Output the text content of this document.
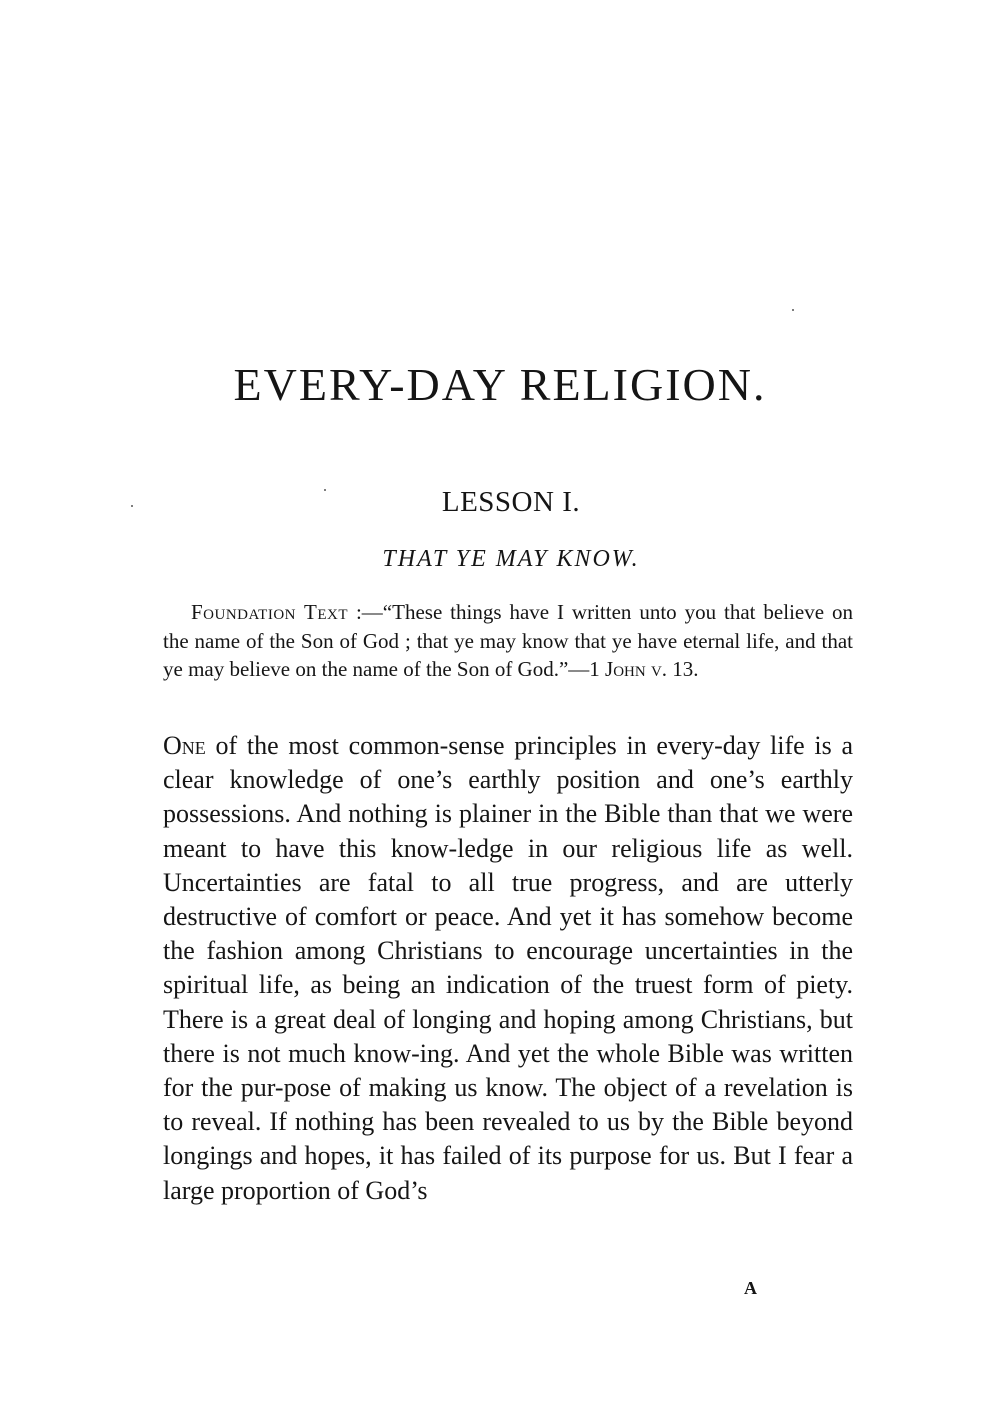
EVERY-DAY RELIGION.
LESSON I.
THAT YE MAY KNOW.

Foundation Text :—“These things have I written unto you that believe on the name of the Son of God ; that ye may know that ye have eternal life, and that ye may believe on the name of the Son of God.”—1 John v. 13.

One of the most common-sense principles in every-day life is a clear knowledge of one’s earthly position and one’s earthly possessions. And nothing is plainer in the Bible than that we were meant to have this know-ledge in our religious life as well. Uncertainties are fatal to all true progress, and are utterly destructive of comfort or peace. And yet it has somehow become the fashion among Christians to encourage uncertainties in the spiritual life, as being an indication of the truest form of piety. There is a great deal of longing and hoping among Christians, but there is not much know-ing. And yet the whole Bible was written for the pur-pose of making us know. The object of a revelation is to reveal. If nothing has been revealed to us by the Bible beyond longings and hopes, it has failed of its purpose for us. But I fear a large proportion of God’s

A
